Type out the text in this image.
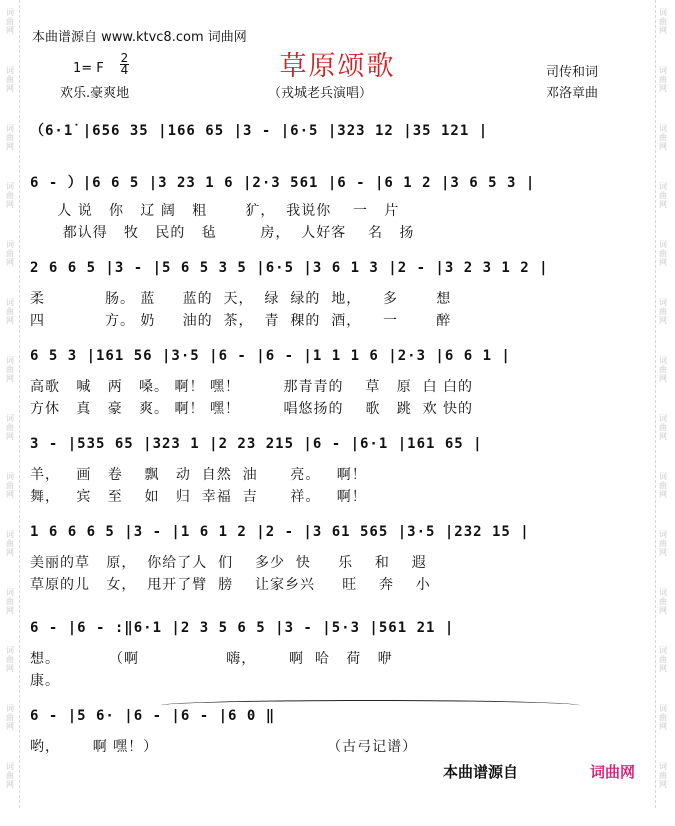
词曲网
词曲网
词曲网
词曲网
词曲网
词曲网
词曲网
词曲网
词曲网
词曲网
词曲网
词曲网
词曲网
词曲网
词曲网
词曲网
词曲网
词曲网
词曲网
词曲网
词曲网
词曲网
词曲网
词曲网
词曲网
词曲网
词曲网
词曲网
本曲谱源自 www.ktvc8.com 词曲网
草原颂歌
1= F
2
4
欢乐.豪爽地	（戎城老兵演唱）
司传和词
邓洛章曲
（6·1̇ |656 35 |166 65 |3 - |6·5 |323 12 |35 121 |
6 - ）|6 6 5 |3 23 1 6 |2·3 561 |6 - |6 1 2 |3 6 5 3 |
人 说   你   辽 阔   粗       犷，  我说你    一   片
都认得   牧   民的   毡        房，  人好客    名   扬
2 6 6 5 |3 - |5 6 5 3 5 |6·5 |3 6 1 3 |2 - |3 2 3 1 2 |
柔           肠。 蓝     蓝的  天，  绿  绿的  地，    多       想
四           方。 奶     油的  茶，  青  稞的  酒，    一       醉
6 5 3 |161 56 |3·5 |6 - |6 - |1 1 1 6 |2·3 |6 6 1 |
高歌   喊   两   嗓。 啊！ 嘿！        那青青的    草   原  白 白的
方休   真   豪   爽。 啊！ 嘿！        唱悠扬的    歌   跳  欢 快的
3 - |535 65 |323 1 |2 23 215 |6 - |6·1 |161 65 |
羊，   画   卷    飘   动  自然  油      亮。   啊！
舞，   宾   至    如   归  幸福  吉      祥。   啊！
1 6 6 6 5 |3 - |1 6 1 2 |2 - |3 61 565 |3·5 |232 15 |
美丽的草   原，  你给了人  们    多少  快     乐    和    遐
草原的儿   女，  甩开了臂  膀    让家乡兴     旺    奔    小
6 - |6 - :‖6·1 |2 3 5 6 5 |3 - |5·3 |561 21 |
想。         （啊                嗨，      啊  哈   荷   咿
康。
6 - |5 6· |6 - |6 - |6 0 ‖
哟，      啊 嘿！）                               （古弓记谱）
本曲谱源自	词曲网
